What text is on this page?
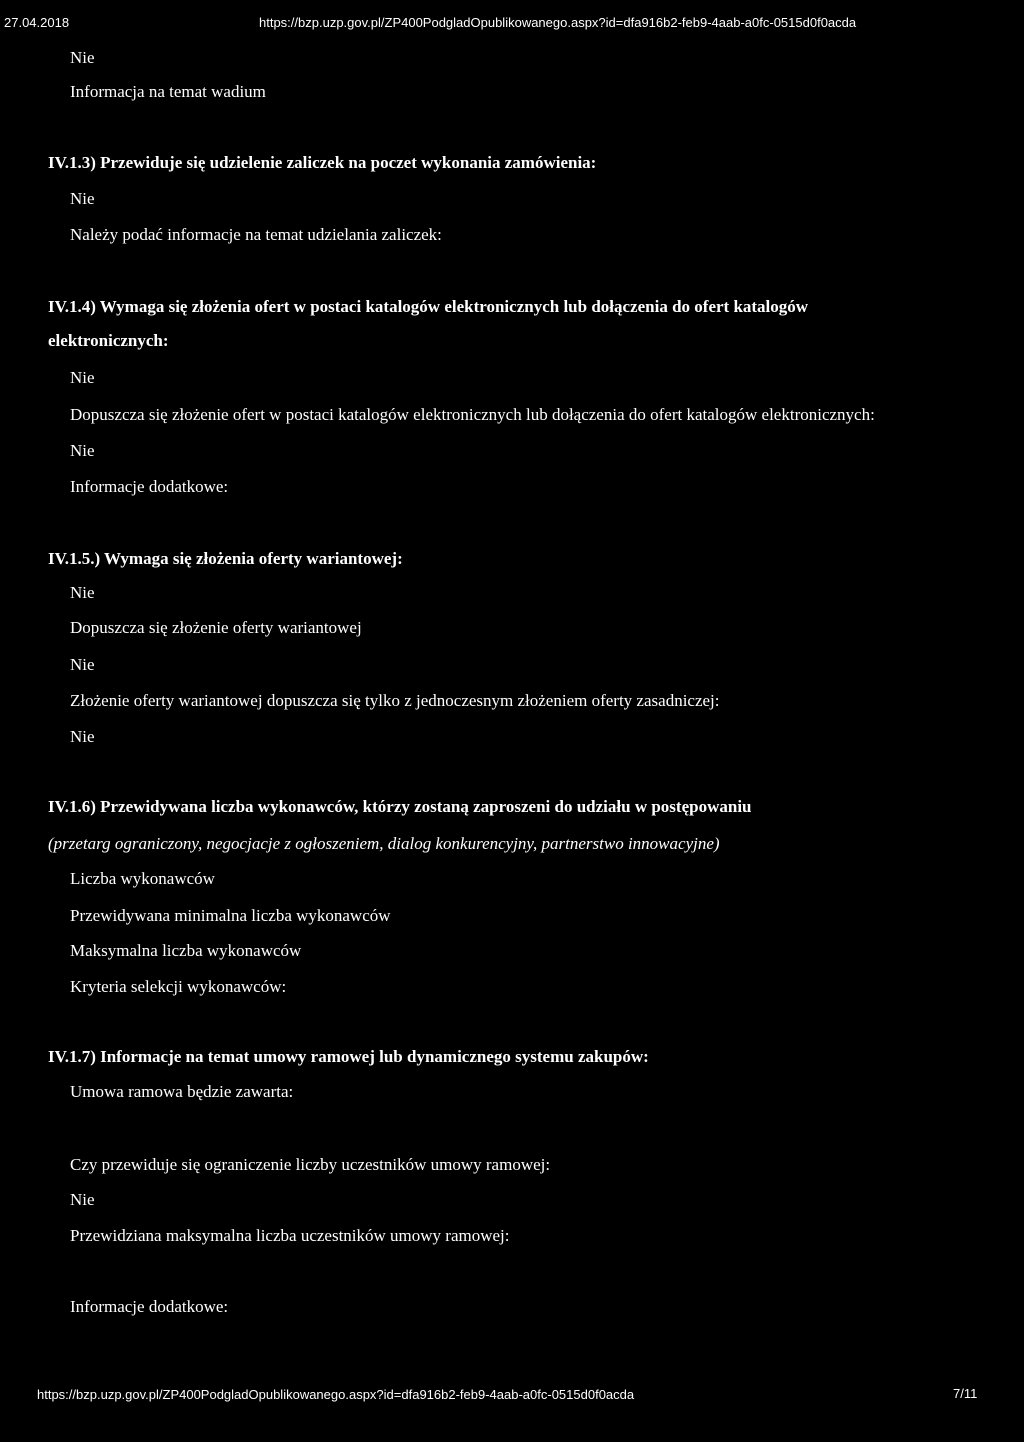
27.04.2018	https://bzp.uzp.gov.pl/ZP400PodgladOpublikowanego.aspx?id=dfa916b2-feb9-4aab-a0fc-0515d0f0acda
Nie
Informacja na temat wadium
IV.1.3) Przewiduje się udzielenie zaliczek na poczet wykonania zamówienia:
Nie
Należy podać informacje na temat udzielania zaliczek:
IV.1.4) Wymaga się złożenia ofert w postaci katalogów elektronicznych lub dołączenia do ofert katalogów
elektronicznych:
Nie
Dopuszcza się złożenie ofert w postaci katalogów elektronicznych lub dołączenia do ofert katalogów elektronicznych:
Nie
Informacje dodatkowe:
IV.1.5.) Wymaga się złożenia oferty wariantowej:
Nie
Dopuszcza się złożenie oferty wariantowej
Nie
Złożenie oferty wariantowej dopuszcza się tylko z jednoczesnym złożeniem oferty zasadniczej:
Nie
IV.1.6) Przewidywana liczba wykonawców, którzy zostaną zaproszeni do udziału w postępowaniu
(przetarg ograniczony, negocjacje z ogłoszeniem, dialog konkurencyjny, partnerstwo innowacyjne)
Liczba wykonawców
Przewidywana minimalna liczba wykonawców
Maksymalna liczba wykonawców
Kryteria selekcji wykonawców:
IV.1.7) Informacje na temat umowy ramowej lub dynamicznego systemu zakupów:
Umowa ramowa będzie zawarta:
Czy przewiduje się ograniczenie liczby uczestników umowy ramowej:
Nie
Przewidziana maksymalna liczba uczestników umowy ramowej:
Informacje dodatkowe:
https://bzp.uzp.gov.pl/ZP400PodgladOpublikowanego.aspx?id=dfa916b2-feb9-4aab-a0fc-0515d0f0acda	7/11
